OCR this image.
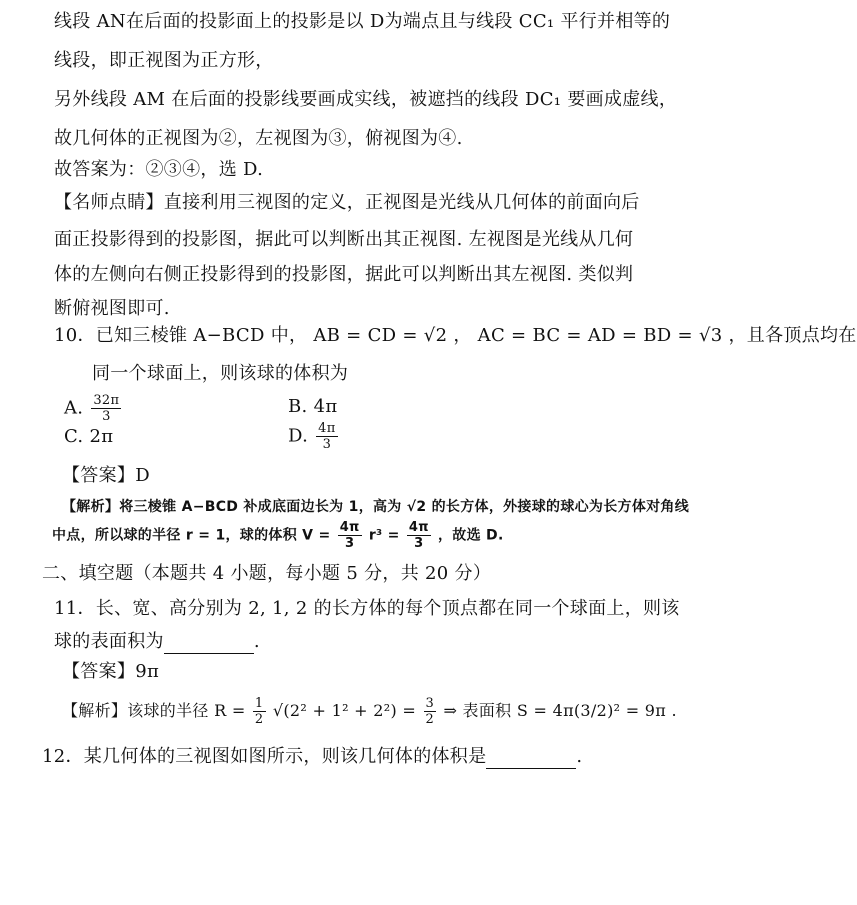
线段 AN在后面的投影面上的投影是以 D为端点且与线段 CC₁ 平行并相等的
线段，即正视图为正方形，
另外线段 AM 在后面的投影线要画成实线，被遮挡的线段 DC₁ 要画成虚线，
故几何体的正视图为②，左视图为③，俯视图为④.
故答案为：②③④，选 D.
【名师点睛】直接利用三视图的定义，正视图是光线从几何体的前面向后
面正投影得到的投影图，据此可以判断出其正视图. 左视图是光线从几何
体的左侧向右侧正投影得到的投影图，据此可以判断出其左视图. 类似判
断俯视图即可.
10．已知三棱锥 A−BCD 中， AB = CD = √2 ， AC = BC = AD = BD = √3 ，且各顶点均在
同一个球面上，则该球的体积为
A. $\frac{32\pi}{3}$	B. 4π
C. 2π	D. $\frac{4\pi}{3}$
【答案】D
【解析】将三棱锥 A−BCD 补成底面边长为 1，高为 √2 的长方体，外接球的球心为长方体对角线
中点，所以球的半径 r = 1，球的体积 $V = \frac{4\pi}{3} r^3 = \frac{4\pi}{3}$ ，故选 D.
二、填空题（本题共 4 小题，每小题 5 分，共 20 分）
11．长、宽、高分别为 2, 1, 2 的长方体的每个顶点都在同一个球面上，则该
球的表面积为	.
【答案】9π
【解析】该球的半径 $R = \frac{1}{2} √(2^2 + 1^2 + 2^2) = \frac{3}{2}$ ⇒ 表面积 S = 4π(3/2)² = 9π .
12．某几何体的三视图如图所示，则该几何体的体积是	.
